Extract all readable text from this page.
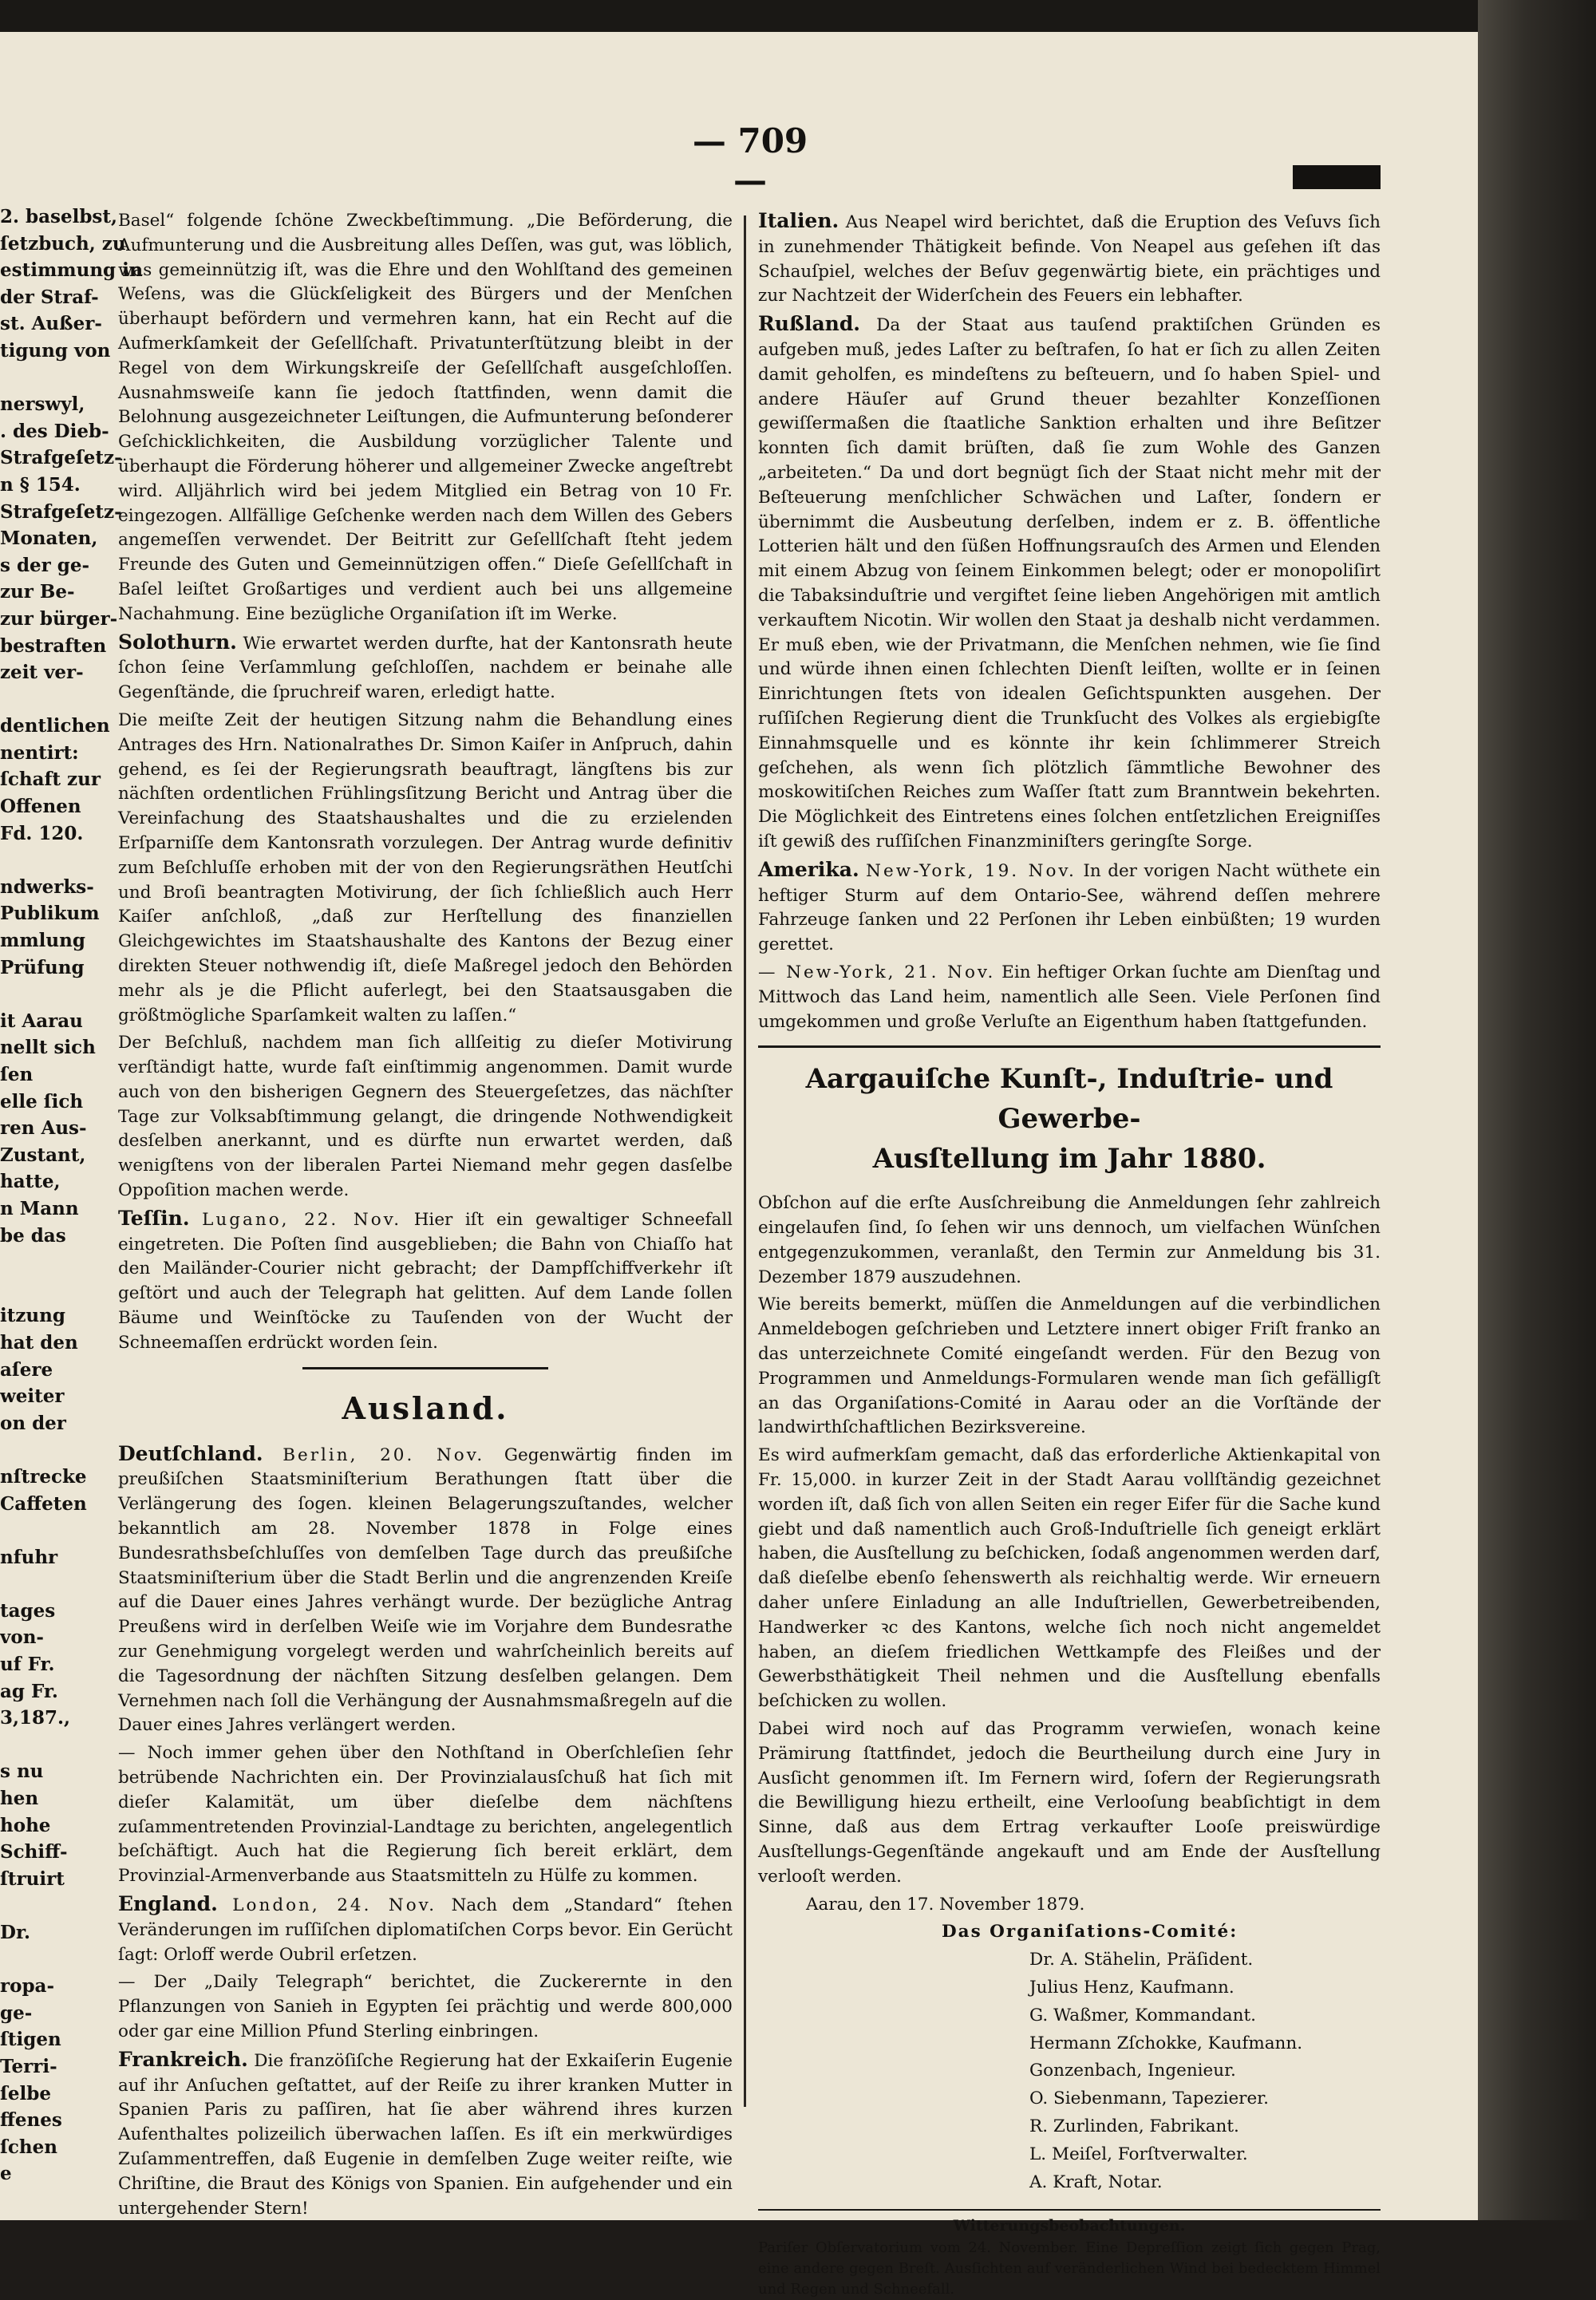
— 709 —
2. baselbst,
ſetzbuch, zu
estimmung in
der Straf-
st. Außer-
tigung von

nerswyl,
. des Dieb-
Strafgeſetz-
n § 154.
Strafgeſetz-
Monaten,
s der ge-
zur Be-
zur bürger-
bestraften
zeit ver-

dentlichen
nentirt:
ſchaft zur
Offenen
Fd. 120.

ndwerks-
Publikum
mmlung
Prüfung

it Aarau
nellt sich
ſen
elle ſich
ren Aus-
Zustant,
hatte,
n Mann
be das

itzung
hat den
aſere
weiter
on der

nſtrecke
Caffeten

nfuhr

tages
von-
uf Fr.
ag Fr.
3,187.,

s nu
hen
hohe
Schiff-
ſtruirt

Dr.

ropa-
ge-
ſtigen
Terri-
ſelbe
ffenes
ſchen
e

Basel“ folgende ſchöne Zweckbeſtimmung. „Die Beförderung, die Aufmunterung und die Ausbreitung alles Deſſen, was gut, was löblich, was gemeinnützig iſt, was die Ehre und den Wohlſtand des gemeinen Weſens, was die Glückſeligkeit des Bürgers und der Menſchen überhaupt befördern und vermehren kann, hat ein Recht auf die Aufmerkſamkeit der Geſellſchaft. Privatunterſtützung bleibt in der Regel von dem Wirkungskreiſe der Geſellſchaft ausgeſchloſſen. Ausnahmsweiſe kann ſie jedoch ſtattfinden, wenn damit die Belohnung ausgezeichneter Leiſtungen, die Aufmunterung beſonderer Geſchicklichkeiten, die Ausbildung vorzüglicher Talente und überhaupt die Förderung höherer und allgemeiner Zwecke angeſtrebt wird. Alljährlich wird bei jedem Mitglied ein Betrag von 10 Fr. eingezogen. Allfällige Geſchenke werden nach dem Willen des Gebers angemeſſen verwendet. Der Beitritt zur Geſellſchaft ſteht jedem Freunde des Guten und Gemeinnützigen offen.“ Dieſe Geſellſchaft in Baſel leiſtet Großartiges und verdient auch bei uns allgemeine Nachahmung. Eine bezügliche Organiſation iſt im Werke.

Solothurn. Wie erwartet werden durfte, hat der Kantonsrath heute ſchon ſeine Verſammlung geſchloſſen, nachdem er beinahe alle Gegenſtände, die ſpruchreif waren, erledigt hatte.

Die meiſte Zeit der heutigen Sitzung nahm die Behandlung eines Antrages des Hrn. Nationalrathes Dr. Simon Kaiſer in Anſpruch, dahin gehend, es ſei der Regierungsrath beauftragt, längſtens bis zur nächſten ordentlichen Frühlingsſitzung Bericht und Antrag über die Vereinfachung des Staatshaushaltes und die zu erzielenden Erſparniſſe dem Kantonsrath vorzulegen. Der Antrag wurde definitiv zum Beſchluſſe erhoben mit der von den Regierungsräthen Heutſchi und Broſi beantragten Motivirung, der ſich ſchließlich auch Herr Kaiſer anſchloß, „daß zur Herſtellung des finanziellen Gleichgewichtes im Staatshaushalte des Kantons der Bezug einer direkten Steuer nothwendig iſt, dieſe Maßregel jedoch den Behörden mehr als je die Pflicht auferlegt, bei den Staatsausgaben die größtmögliche Sparſamkeit walten zu laſſen.“

Der Beſchluß, nachdem man ſich allſeitig zu dieſer Motivirung verſtändigt hatte, wurde faſt einſtimmig angenommen. Damit wurde auch von den bisherigen Gegnern des Steuergeſetzes, das nächſter Tage zur Volksabſtimmung gelangt, die dringende Nothwendigkeit desſelben anerkannt, und es dürfte nun erwartet werden, daß wenigſtens von der liberalen Partei Niemand mehr gegen dasſelbe Oppoſition machen werde.

Teſſin. Lugano, 22. Nov. Hier iſt ein gewaltiger Schneefall eingetreten. Die Poſten ſind ausgeblieben; die Bahn von Chiaſſo hat den Mailänder-Courier nicht gebracht; der Dampfſchiffverkehr iſt geſtört und auch der Telegraph hat gelitten. Auf dem Lande ſollen Bäume und Weinſtöcke zu Tauſenden von der Wucht der Schneemaſſen erdrückt worden ſein.

Ausland.

Deutſchland. Berlin, 20. Nov. Gegenwärtig finden im preußiſchen Staatsminiſterium Berathungen ſtatt über die Verlängerung des ſogen. kleinen Belagerungszuſtandes, welcher bekanntlich am 28. November 1878 in Folge eines Bundesrathsbeſchluſſes von demſelben Tage durch das preußiſche Staatsminiſterium über die Stadt Berlin und die angrenzenden Kreiſe auf die Dauer eines Jahres verhängt wurde. Der bezügliche Antrag Preußens wird in derſelben Weiſe wie im Vorjahre dem Bundesrathe zur Genehmigung vorgelegt werden und wahrſcheinlich bereits auf die Tagesordnung der nächſten Sitzung desſelben gelangen. Dem Vernehmen nach ſoll die Verhängung der Ausnahmsmaßregeln auf die Dauer eines Jahres verlängert werden.

— Noch immer gehen über den Nothſtand in Oberſchleſien ſehr betrübende Nachrichten ein. Der Provinzialausſchuß hat ſich mit dieſer Kalamität, um über dieſelbe dem nächſtens zuſammentretenden Provinzial-Landtage zu berichten, angelegentlich beſchäftigt. Auch hat die Regierung ſich bereit erklärt, dem Provinzial-Armenverbande aus Staatsmitteln zu Hülfe zu kommen.

England. London, 24. Nov. Nach dem „Standard“ ſtehen Veränderungen im ruſſiſchen diplomatiſchen Corps bevor. Ein Gerücht ſagt: Orloff werde Oubril erſetzen.

— Der „Daily Telegraph“ berichtet, die Zuckerernte in den Pflanzungen von Sanieh in Egypten ſei prächtig und werde 800,000 oder gar eine Million Pfund Sterling einbringen.

Frankreich. Die franzöſiſche Regierung hat der Exkaiſerin Eugenie auf ihr Anſuchen geſtattet, auf der Reiſe zu ihrer kranken Mutter in Spanien Paris zu paſſiren, hat ſie aber während ihres kurzen Aufenthaltes polizeilich überwachen laſſen. Es iſt ein merkwürdiges Zuſammentreffen, daß Eugenie in demſelben Zuge weiter reiſte, wie Chriſtine, die Braut des Königs von Spanien. Ein aufgehender und ein untergehender Stern!

Italien. Aus Neapel wird berichtet, daß die Eruption des Veſuvs ſich in zunehmender Thätigkeit befinde. Von Neapel aus geſehen iſt das Schauſpiel, welches der Beſuv gegenwärtig biete, ein prächtiges und zur Nachtzeit der Widerſchein des Feuers ein lebhafter.

Rußland. Da der Staat aus tauſend praktiſchen Gründen es aufgeben muß, jedes Laſter zu beſtrafen, ſo hat er ſich zu allen Zeiten damit geholfen, es mindeſtens zu beſteuern, und ſo haben Spiel- und andere Häuſer auf Grund theuer bezahlter Konzeſſionen gewiſſermaßen die ſtaatliche Sanktion erhalten und ihre Beſitzer konnten ſich damit brüſten, daß ſie zum Wohle des Ganzen „arbeiteten.“ Da und dort begnügt ſich der Staat nicht mehr mit der Beſteuerung menſchlicher Schwächen und Laſter, ſondern er übernimmt die Ausbeutung derſelben, indem er z. B. öffentliche Lotterien hält und den ſüßen Hoffnungsrauſch des Armen und Elenden mit einem Abzug von ſeinem Einkommen belegt; oder er monopoliſirt die Tabaksinduſtrie und vergiftet ſeine lieben Angehörigen mit amtlich verkauftem Nicotin. Wir wollen den Staat ja deshalb nicht verdammen. Er muß eben, wie der Privatmann, die Menſchen nehmen, wie ſie ſind und würde ihnen einen ſchlechten Dienſt leiſten, wollte er in ſeinen Einrichtungen ſtets von idealen Geſichtspunkten ausgehen. Der ruſſiſchen Regierung dient die Trunkſucht des Volkes als ergiebigſte Einnahmsquelle und es könnte ihr kein ſchlimmerer Streich geſchehen, als wenn ſich plötzlich ſämmtliche Bewohner des moskowitiſchen Reiches zum Waſſer ſtatt zum Branntwein bekehrten. Die Möglichkeit des Eintretens eines ſolchen entſetzlichen Ereigniſſes iſt gewiß des ruſſiſchen Finanzminiſters geringſte Sorge.

Amerika. New-York, 19. Nov. In der vorigen Nacht wüthete ein heftiger Sturm auf dem Ontario-See, während deſſen mehrere Fahrzeuge ſanken und 22 Perſonen ihr Leben einbüßten; 19 wurden gerettet.

— New-York, 21. Nov. Ein heftiger Orkan ſuchte am Dienſtag und Mittwoch das Land heim, namentlich alle Seen. Viele Perſonen ſind umgekommen und große Verluſte an Eigenthum haben ſtattgefunden.

Aargauiſche Kunſt-, Induſtrie- und Gewerbe-
Ausſtellung im Jahr 1880.

Obſchon auf die erſte Ausſchreibung die Anmeldungen ſehr zahlreich eingelaufen ſind, ſo ſehen wir uns dennoch, um vielfachen Wünſchen entgegenzukommen, veranlaßt, den Termin zur Anmeldung bis 31. Dezember 1879 auszudehnen.

Wie bereits bemerkt, müſſen die Anmeldungen auf die verbindlichen Anmeldebogen geſchrieben und Letztere innert obiger Friſt franko an das unterzeichnete Comité eingeſandt werden. Für den Bezug von Programmen und Anmeldungs-Formularen wende man ſich gefälligſt an das Organiſations-Comité in Aarau oder an die Vorſtände der landwirthſchaftlichen Bezirksvereine.

Es wird aufmerkſam gemacht, daß das erforderliche Aktienkapital von Fr. 15,000. in kurzer Zeit in der Stadt Aarau vollſtändig gezeichnet worden iſt, daß ſich von allen Seiten ein reger Eifer für die Sache kund giebt und daß namentlich auch Groß-Induſtrielle ſich geneigt erklärt haben, die Ausſtellung zu beſchicken, ſodaß angenommen werden darf, daß dieſelbe ebenſo ſehenswerth als reichhaltig werde. Wir erneuern daher unſere Einladung an alle Induſtriellen, Gewerbetreibenden, Handwerker ꝛc des Kantons, welche ſich noch nicht angemeldet haben, an dieſem friedlichen Wettkampfe des Fleißes und der Gewerbsthätigkeit Theil nehmen und die Ausſtellung ebenfalls beſchicken zu wollen.

Dabei wird noch auf das Programm verwieſen, wonach keine Prämirung ſtattfindet, jedoch die Beurtheilung durch eine Jury in Ausſicht genommen iſt. Im Fernern wird, ſofern der Regierungsrath die Bewilligung hiezu ertheilt, eine Verlooſung beabſichtigt in dem Sinne, daß aus dem Ertrag verkaufter Looſe preiswürdige Ausſtellungs-Gegenſtände angekauft und am Ende der Ausſtellung verlooſt werden.

Aarau, den 17. November 1879.

Das Organiſations-Comité:

Dr. A. Stähelin, Präſident.

Julius Henz, Kaufmann.

G. Waßmer, Kommandant.

Hermann Zſchokke, Kaufmann.

Gonzenbach, Ingenieur.

O. Siebenmann, Tapezierer.

R. Zurlinden, Fabrikant.

L. Meiſel, Forſtverwalter.

A. Kraft, Notar.

Witterungsbeobachtungen.

Pariſer Obſervatorium vom 24. November. Eine Depreſſion zeigt ſich gegen Prag, eine andere gegen Breſt. Ausſichten auf veränderlichen Wind bei bedecktem Himmel und Regen und Schneefall.
